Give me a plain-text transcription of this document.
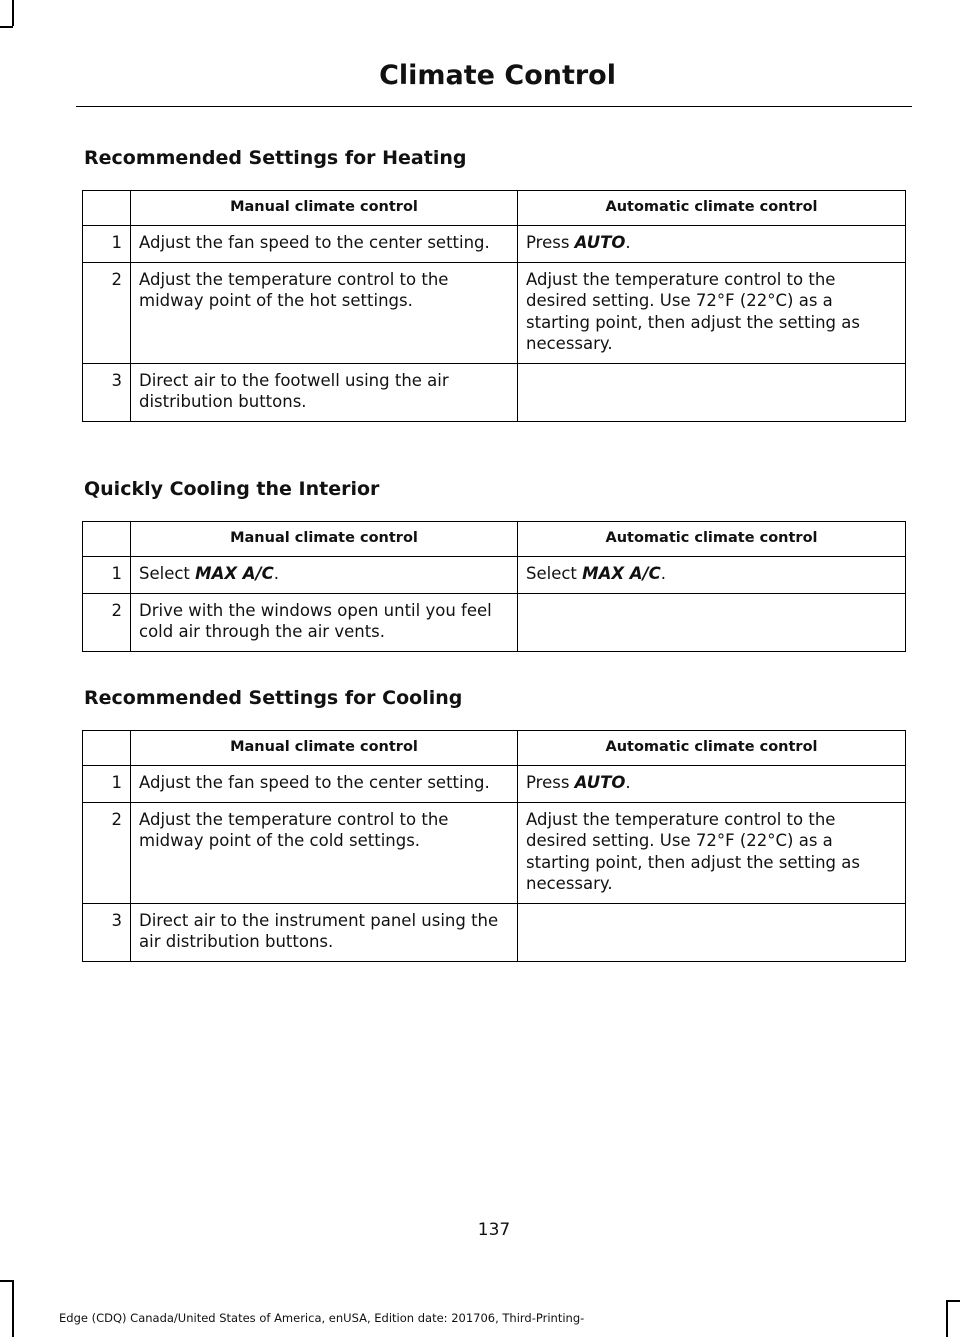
Climate Control
Recommended Settings for Heating
	Manual climate control	Automatic climate control
1	Adjust the fan speed to the center setting.	Press AUTO.
2	Adjust the temperature control to the midway point of the hot settings.	Adjust the temperature control to the desired setting. Use 72°F (22°C) as a starting point, then adjust the setting as necessary.
3	Direct air to the footwell using the air distribution buttons.	
Quickly Cooling the Interior
	Manual climate control	Automatic climate control
1	Select MAX A/C.	Select MAX A/C.
2	Drive with the windows open until you feel cold air through the air vents.	
Recommended Settings for Cooling
	Manual climate control	Automatic climate control
1	Adjust the fan speed to the center setting.	Press AUTO.
2	Adjust the temperature control to the midway point of the cold settings.	Adjust the temperature control to the desired setting. Use 72°F (22°C) as a starting point, then adjust the setting as necessary.
3	Direct air to the instrument panel using the air distribution buttons.	
137
Edge (CDQ) Canada/United States of America, enUSA, Edition date: 201706, Third-Printing-
